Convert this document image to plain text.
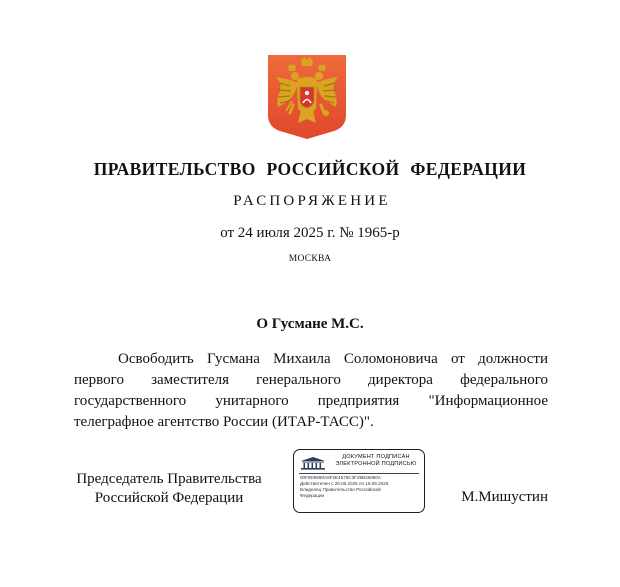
ПРАВИТЕЛЬСТВО РОССИЙСКОЙ ФЕДЕРАЦИИ
РАСПОРЯЖЕНИЕ
от 24 июля 2025 г. № 1965-р
МОСКВА
О Гусмане М.С.
Освободить Гусмана Михаила Соломоновича от должности первого заместителя генерального директора федерального государственного унитарного предприятия "Информационное телеграфное агентство России (ИТАР-ТАСС)".
Председатель Правительства
Российской Федерации
ДОКУМЕНТ ПОДПИСАН
ЭЛЕКТРОННОЙ ПОДПИСЬЮ
00F9D8590A6F2E4579C3F29B25880A
Действителен с 26.06.2025 по 19.09.2026
Владелец Правительство Российской
Федерации	М.Мишустин
